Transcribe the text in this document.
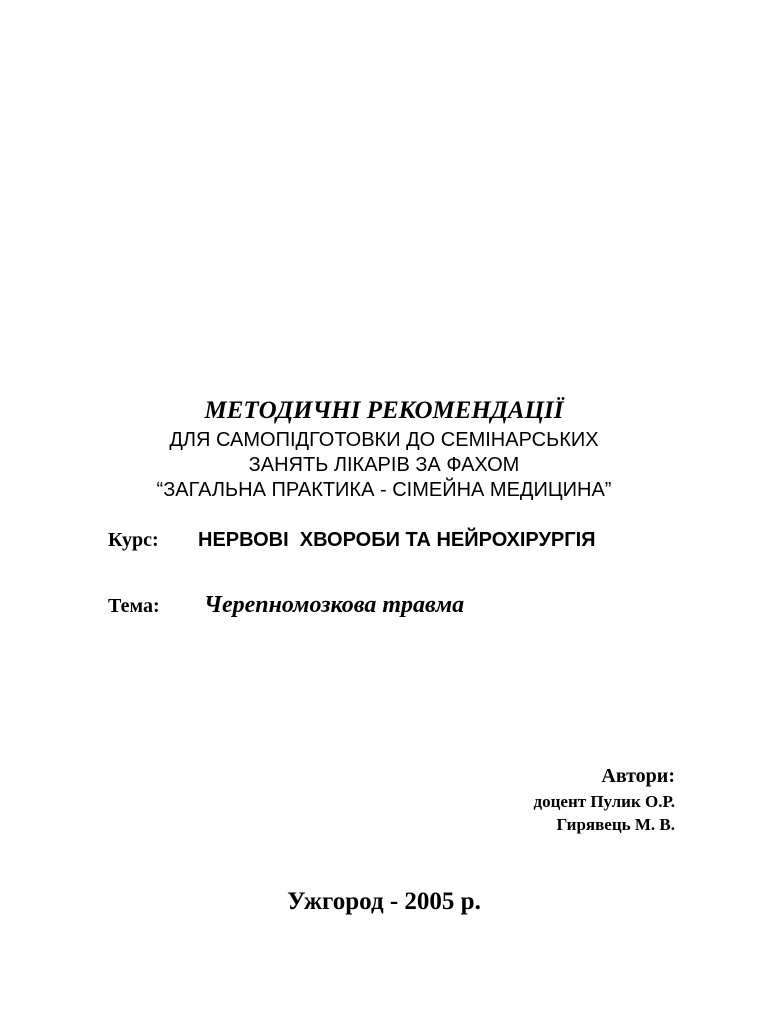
МЕТОДИЧНІ РЕКОМЕНДАЦІЇ

ДЛЯ САМОПІДГОТОВКИ ДО СЕМІНАРСЬКИХ

ЗАНЯТЬ ЛІКАРІВ ЗА ФАХОМ

“ЗАГАЛЬНА ПРАКТИКА - СІМЕЙНА МЕДИЦИНА”

Курс: НЕРВОВІ  ХВОРОБИ ТА НЕЙРОХІРУРГІЯ
Тема: Черепномозкова травма

Автори:

доцент Пулик О.Р.

Гирявець М. В.

Ужгород - 2005 р.
